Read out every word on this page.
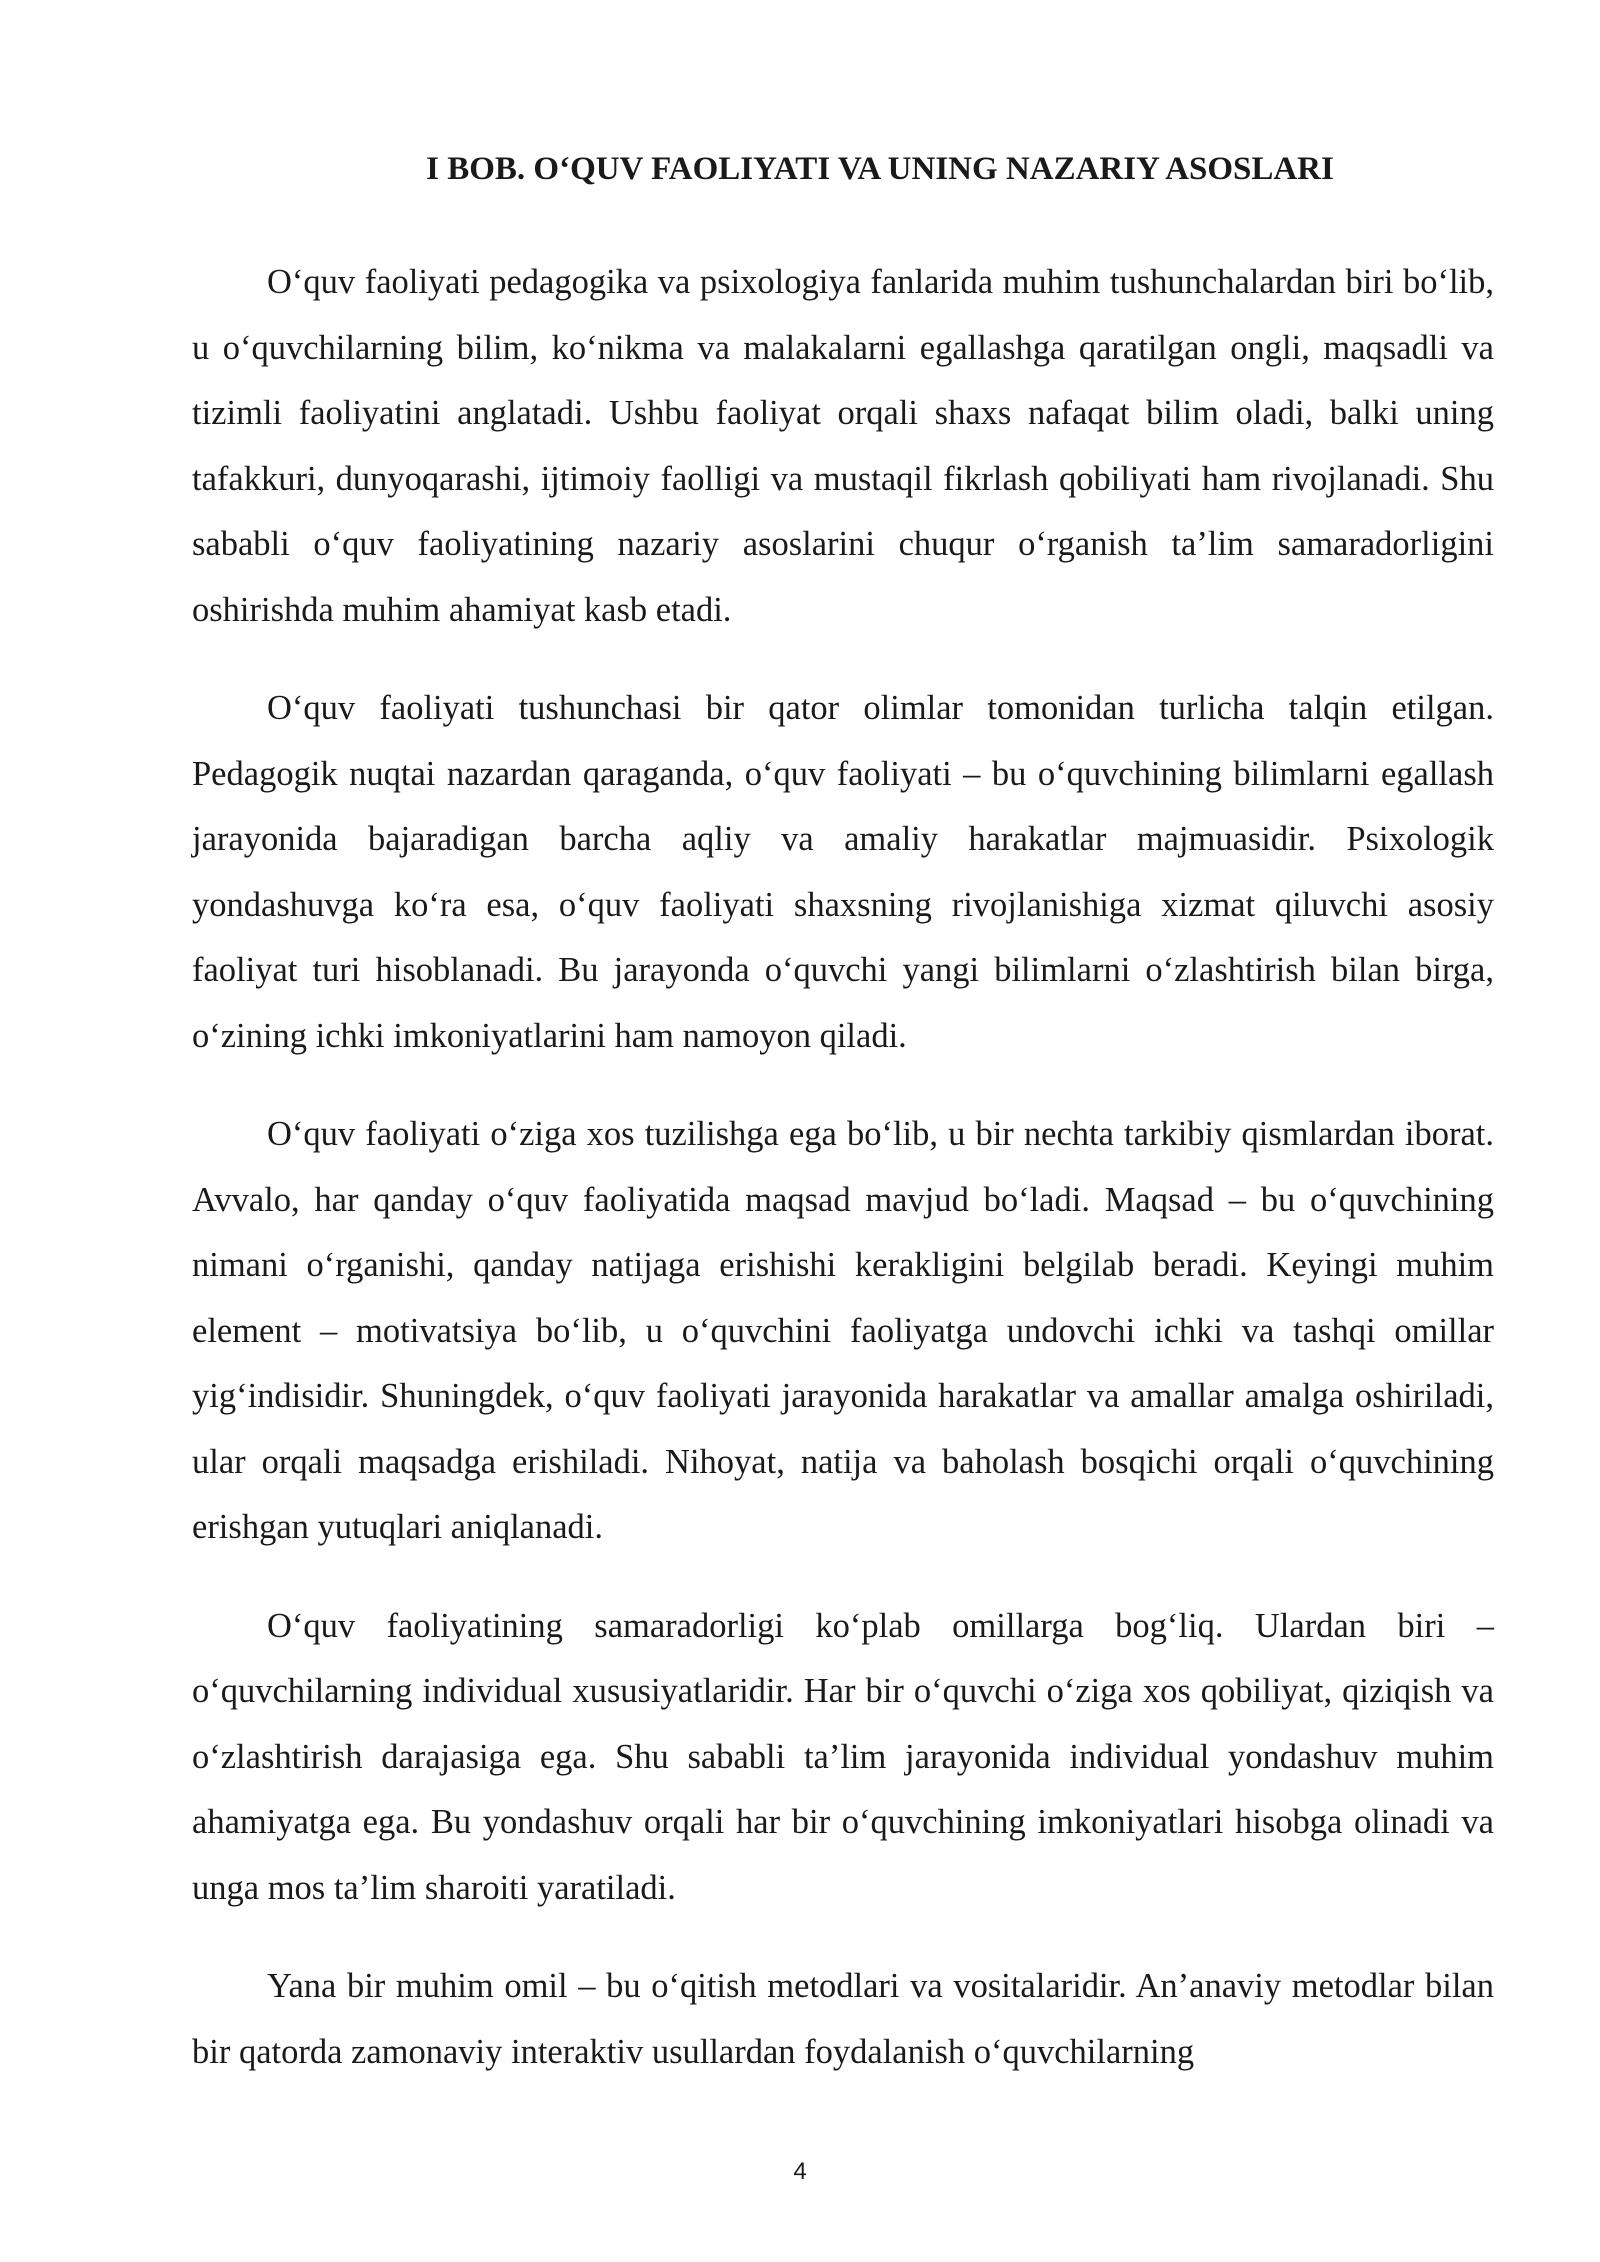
I BOB. O‘QUV FAOLIYATI VA UNING NAZARIY ASOSLARI

O‘quv faoliyati pedagogika va psixologiya fanlarida muhim tushunchalardan biri bo‘lib, u o‘quvchilarning bilim, ko‘nikma va malakalarni egallashga qaratilgan ongli, maqsadli va tizimli faoliyatini anglatadi. Ushbu faoliyat orqali shaxs nafaqat bilim oladi, balki uning tafakkuri, dunyoqarashi, ijtimoiy faolligi va mustaqil fikrlash qobiliyati ham rivojlanadi. Shu sababli o‘quv faoliyatining nazariy asoslarini chuqur o‘rganish ta’lim samaradorligini oshirishda muhim ahamiyat kasb etadi.

O‘quv faoliyati tushunchasi bir qator olimlar tomonidan turlicha talqin etilgan. Pedagogik nuqtai nazardan qaraganda, o‘quv faoliyati – bu o‘quvchining bilimlarni egallash jarayonida bajaradigan barcha aqliy va amaliy harakatlar majmuasidir. Psixologik yondashuvga ko‘ra esa, o‘quv faoliyati shaxsning rivojlanishiga xizmat qiluvchi asosiy faoliyat turi hisoblanadi. Bu jarayonda o‘quvchi yangi bilimlarni o‘zlashtirish bilan birga, o‘zining ichki imkoniyatlarini ham namoyon qiladi.

O‘quv faoliyati o‘ziga xos tuzilishga ega bo‘lib, u bir nechta tarkibiy qismlardan iborat. Avvalo, har qanday o‘quv faoliyatida maqsad mavjud bo‘ladi. Maqsad – bu o‘quvchining nimani o‘rganishi, qanday natijaga erishishi kerakligini belgilab beradi. Keyingi muhim element – motivatsiya bo‘lib, u o‘quvchini faoliyatga undovchi ichki va tashqi omillar yig‘indisidir. Shuningdek, o‘quv faoliyati jarayonida harakatlar va amallar amalga oshiriladi, ular orqali maqsadga erishiladi. Nihoyat, natija va baholash bosqichi orqali o‘quvchining erishgan yutuqlari aniqlanadi.

O‘quv faoliyatining samaradorligi ko‘plab omillarga bog‘liq. Ulardan biri – o‘quvchilarning individual xususiyatlaridir. Har bir o‘quvchi o‘ziga xos qobiliyat, qiziqish va o‘zlashtirish darajasiga ega. Shu sababli ta’lim jarayonida individual yondashuv muhim ahamiyatga ega. Bu yondashuv orqali har bir o‘quvchining imkoniyatlari hisobga olinadi va unga mos ta’lim sharoiti yaratiladi.

Yana bir muhim omil – bu o‘qitish metodlari va vositalaridir. An’anaviy metodlar bilan bir qatorda zamonaviy interaktiv usullardan foydalanish o‘quvchilarning

4
